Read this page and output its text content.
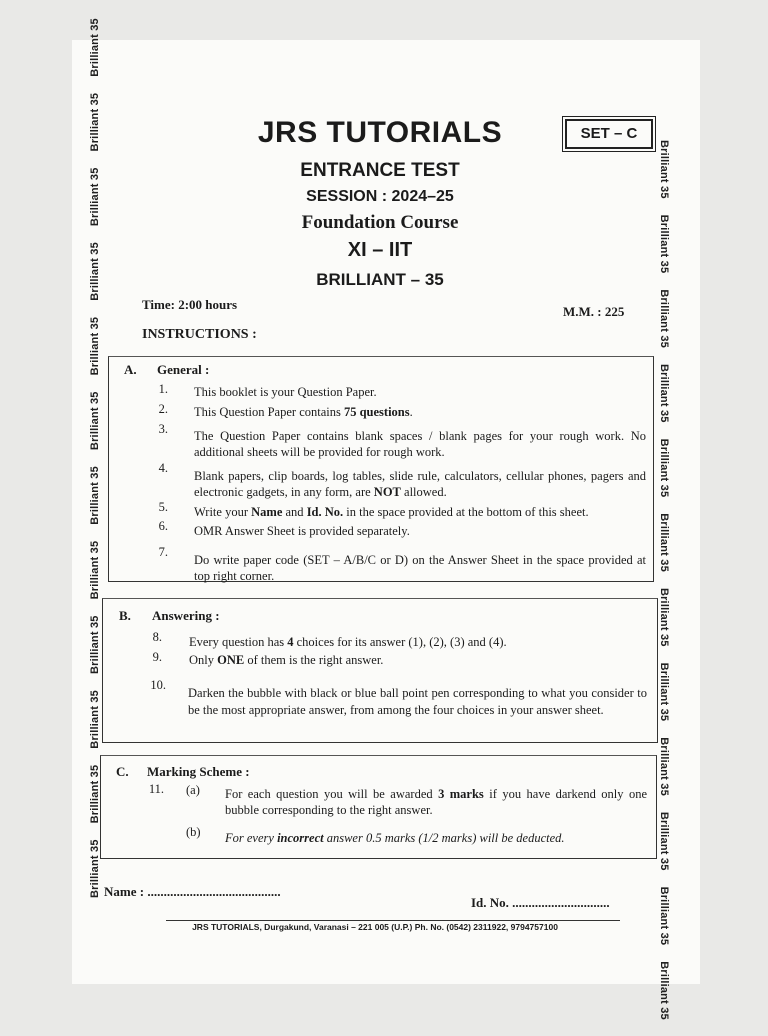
Brilliant 35Brilliant 35Brilliant 35Brilliant 35Brilliant 35Brilliant 35Brilliant 35Brilliant 35Brilliant 35Brilliant 35Brilliant 35Brilliant 35
Brilliant 35Brilliant 35Brilliant 35Brilliant 35Brilliant 35Brilliant 35Brilliant 35Brilliant 35Brilliant 35Brilliant 35Brilliant 35Brilliant 35
JRS TUTORIALS	SET – C
ENTRANCE TEST
SESSION : 2024–25
Foundation Course
XI – IIT
BRILLIANT – 35
Time: 2:00 hours	M.M. : 225
INSTRUCTIONS :
A. General :
1. This booklet is your Question Paper.
2. This Question Paper contains 75 questions.
3. The Question Paper contains blank spaces / blank pages for your rough work. No additional sheets will be provided for rough work.
4.
Blank papers, clip boards, log tables, slide rule, calculators, cellular phones, pagers and electronic gadgets, in any form, are NOT allowed.
5. Write your Name and Id. No. in the space provided at the bottom of this sheet.
6. OMR Answer Sheet is provided separately.
7.
Do write paper code (SET – A/B/C or D) on the Answer Sheet in the space provided at top right corner.
B. Answering :
8. Every question has 4 choices for its answer (1), (2), (3) and (4).
9. Only ONE of them is the right answer.
10.
Darken the bubble with black or blue ball point pen corresponding to what you consider to be the most appropriate answer, from among the four choices in your answer sheet.
C. Marking Scheme :
11. (a) For each question you will be awarded 3 marks if you have darkend only one bubble corresponding to the right answer.
(b) For every incorrect answer 0.5 marks (1/2 marks) will be deducted.
Name : .........................................
Id. No. ..............................
JRS TUTORIALS, Durgakund, Varanasi – 221 005 (U.P.) Ph. No. (0542) 2311922, 9794757100
